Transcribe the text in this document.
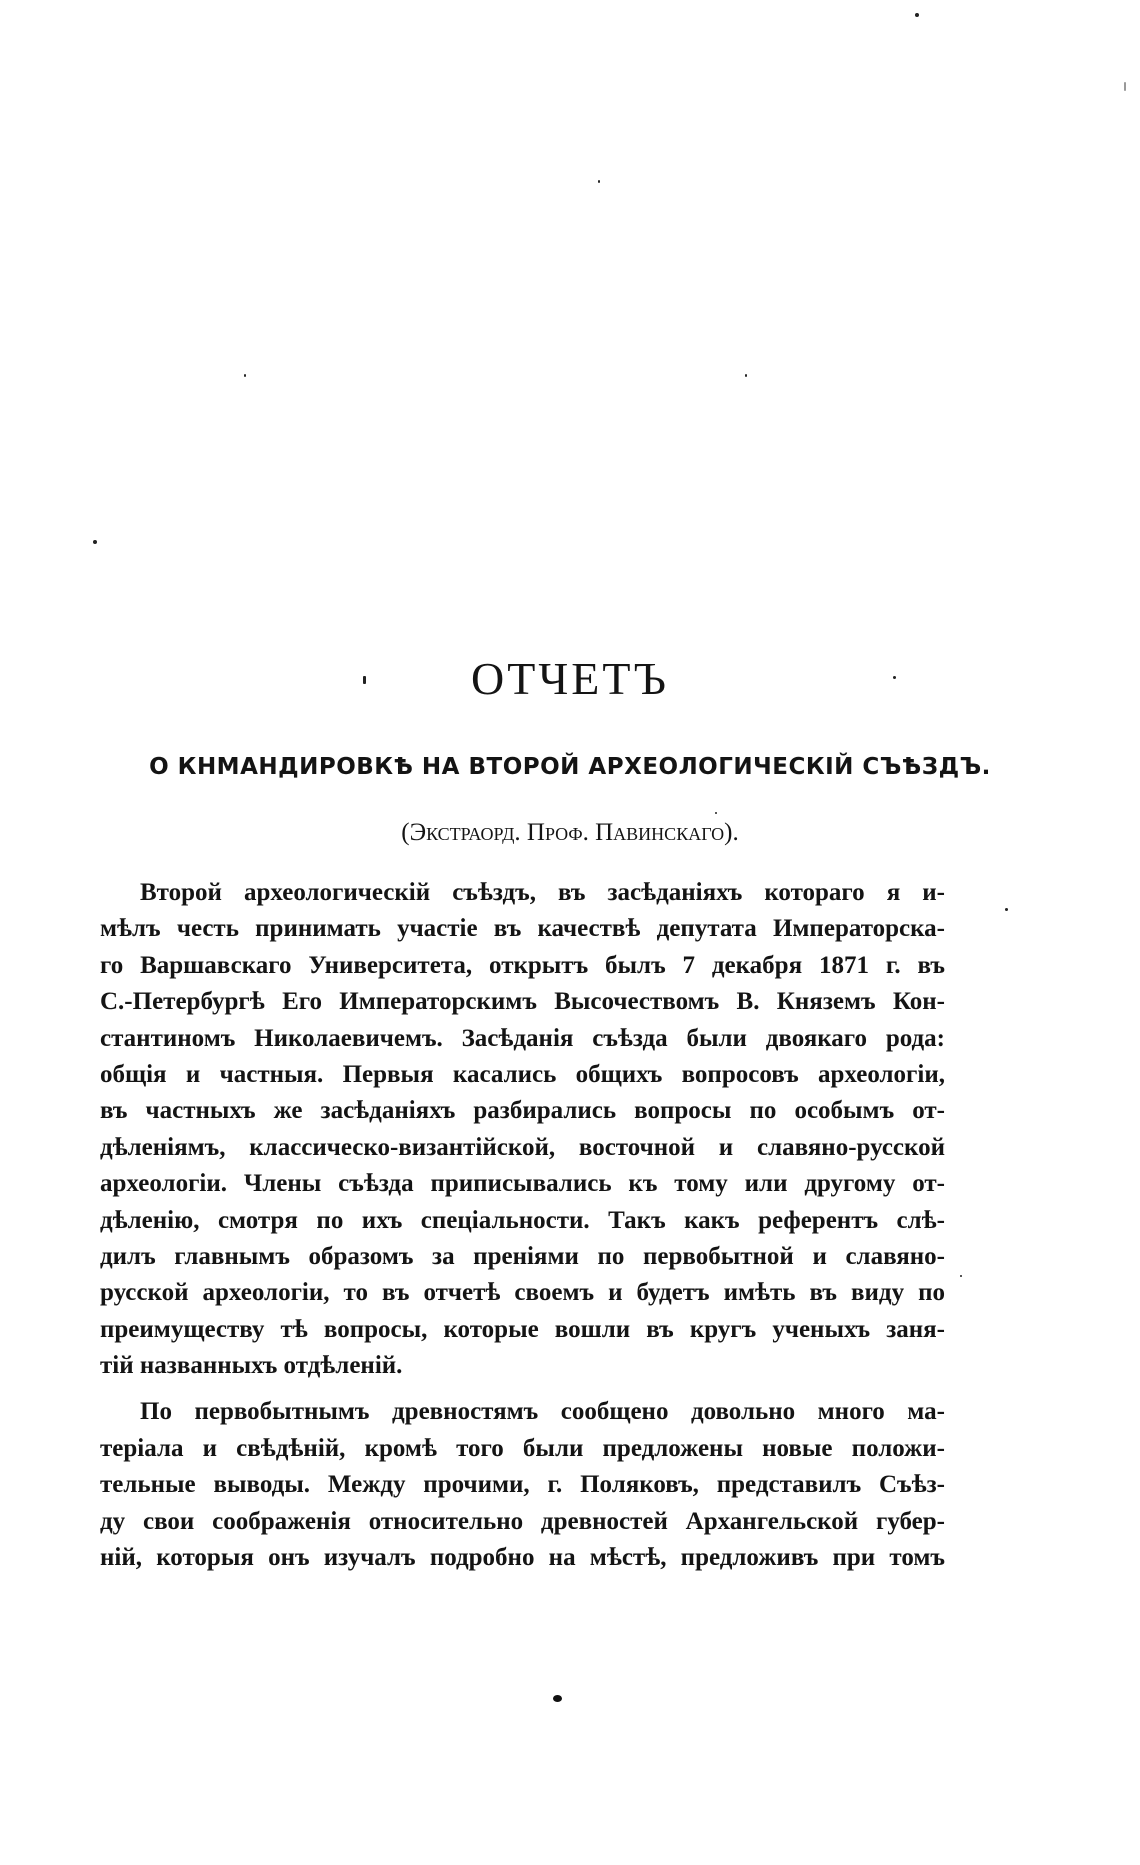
ОТЧЕТЪ
О КНМАНДИРОВКѢ НА ВТОРОЙ АРХЕОЛОГИЧЕСКІЙ СЪѢЗДЪ.

(Экстраорд. Проф. Павинскаго).

Второй археологическій съѣздъ, въ засѣданіяхъ котораго я и-
мѣлъ честь принимать участіе въ качествѣ депутата Императорска-
го Варшавскаго Университета, открытъ былъ 7 декабря 1871 г. въ
С.-Петербургѣ Его Императорскимъ Высочествомъ В. Княземъ Кон-
стантиномъ Николаевичемъ. Засѣданія съѣзда были двоякаго рода:
общія и частныя. Первыя касались общихъ вопросовъ археологіи,
въ частныхъ же засѣданіяхъ разбирались вопросы по особымъ от-
дѣленіямъ, классическо-византійской, восточной и славяно-русской
археологіи. Члены съѣзда приписывались къ тому или другому от-
дѣленію, смотря по ихъ спеціальности. Такъ какъ референтъ слѣ-
дилъ главнымъ образомъ за преніями по первобытной и славяно-
русской археологіи, то въ отчетѣ своемъ и будетъ имѣть въ виду по
преимуществу тѣ вопросы, которые вошли въ кругъ ученыхъ заня-
тій названныхъ отдѣленій.
По первобытнымъ древностямъ сообщено довольно много ма-
теріала и свѣдѣній, кромѣ того были предложены новые положи-
тельные выводы. Между прочими, г. Поляковъ, представилъ Съѣз-
ду свои соображенія относительно древностей Архангельской губер-
ній, которыя онъ изучалъ подробно на мѣстѣ, предложивъ при томъ
